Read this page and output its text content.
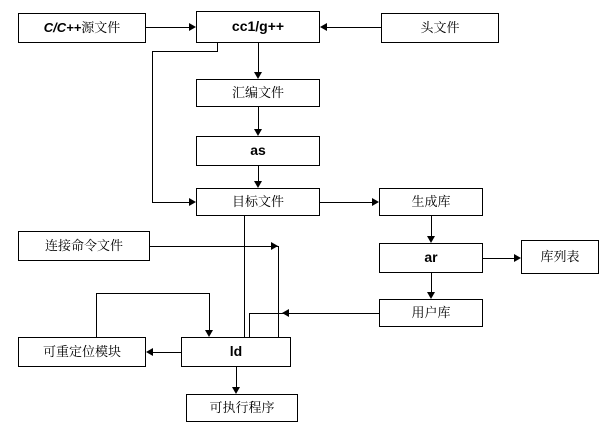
C/C++源文件	cc1/g++	头文件
汇编文件
as
目标文件	生成库
连接命令文件
ar	库列表
用户库
可重定位模块	ld
可执行程序
